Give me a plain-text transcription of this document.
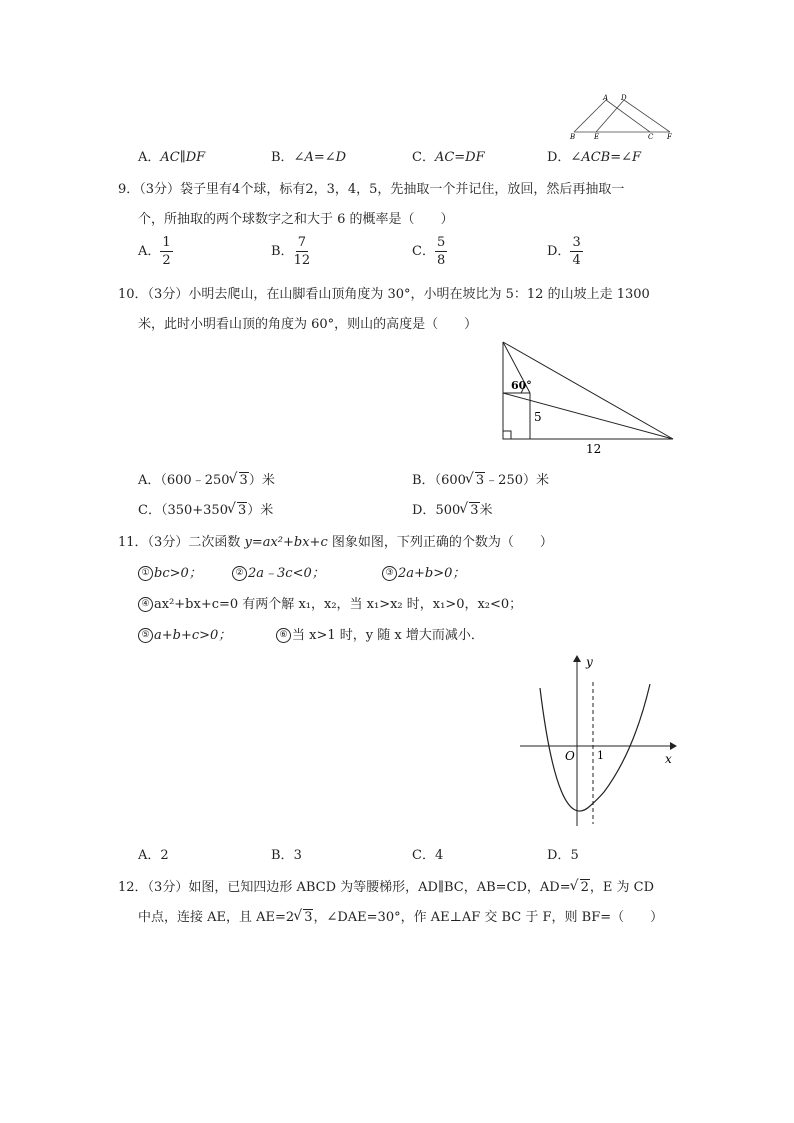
A D
B	E	C F
A．AC∥DF	B．∠A=∠D	C．AC=DF	D．∠ACB=∠F
9．（3分）袋子里有4个球，标有2，3，4，5，先抽取一个并记住，放回，然后再抽取一
个，所抽取的两个球数字之和大于 6 的概率是（　　）
A． $\frac{1}{2}$	B． $\frac{7}{12}$	C． $\frac{5}{8}$	D． $\frac{3}{4}$
10．（3分）小明去爬山，在山脚看山顶角度为 30°，小明在坡比为 5：12 的山坡上走 1300
米，此时小明看山顶的角度为 60°，则山的高度是（　　）
60°
5
12
A．（600﹣250 √ 3）米	B．（600 √ 3﹣250）米
C．（350+350 √ 3）米	D．500 √ 3米
11．（3分）二次函数 y=ax²+bx+c 图象如图，下列正确的个数为（　　）
① bc>0；	② 2a﹣3c<0；	③ 2a+b>0；
④ ax²+bx+c=0 有两个解 x₁，x₂，当 x₁>x₂ 时，x₁>0，x₂<0；
⑤ a+b+c>0；	⑥ 当 x>1 时，y 随 x 增大而减小．
y
x
O 1
A．2	B．3	C．4	D．5
12．（3分）如图，已知四边形 ABCD 为等腰梯形，AD∥BC，AB=CD，AD= √ 2，E 为 CD
中点，连接 AE，且 AE=2 √ 3，∠DAE=30°，作 AE⊥AF 交 BC 于 F，则 BF=（　　）
